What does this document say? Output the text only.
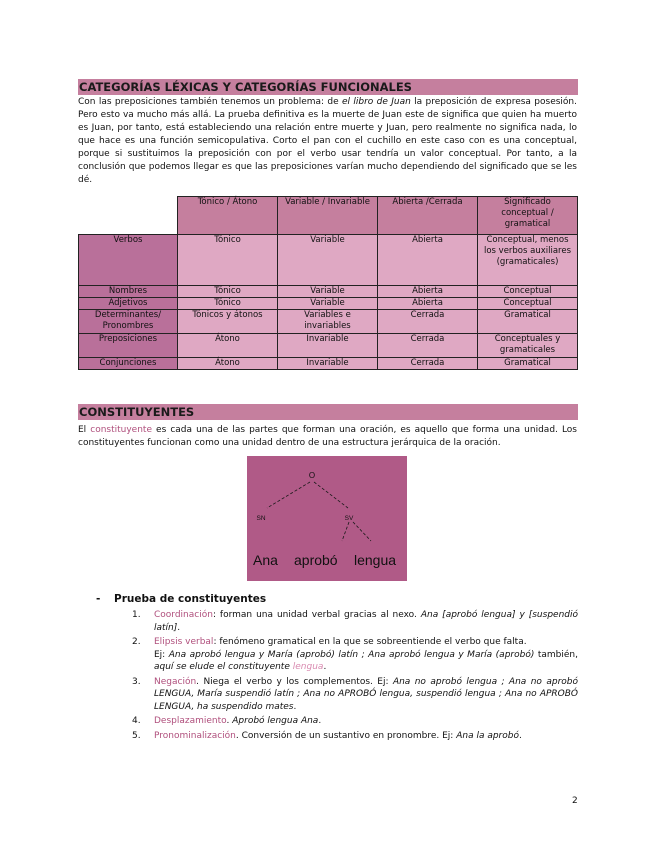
CATEGORÍAS LÉXICAS Y CATEGORÍAS FUNCIONALES

Con las preposiciones también tenemos un problema: de el libro de Juan la preposición de expresa posesión. Pero esto va mucho más allá. La prueba definitiva es la muerte de Juan este de significa que quien ha muerto es Juan, por tanto, está estableciendo una relación entre muerte y Juan, pero realmente no significa nada, lo que hace es una función semicopulativa. Corto el pan con el cuchillo en este caso con es una conceptual, porque si sustituimos la preposición con por el verbo usar tendría un valor conceptual. Por tanto, a la conclusión que podemos llegar es que las preposiciones varían mucho dependiendo del significado que se les dé.

	Tónico / Átono	Variable / Invariable	Abierta /Cerrada	Significado conceptual / gramatical
Verbos	Tónico	Variable	Abierta	Conceptual, menos los verbos auxiliares (gramaticales)
Nombres	Tónico	Variable	Abierta	Conceptual
Adjetivos	Tónico	Variable	Abierta	Conceptual
Determinantes/ Pronombres	Tónicos y átonos	Variables e invariables	Cerrada	Gramatical
Preposiciones	Átono	Invariable	Cerrada	Conceptuales y gramaticales
Conjunciones	Átono	Invariable	Cerrada	Gramatical
CONSTITUYENTES

El constituyente es cada una de las partes que forman una oración, es aquello que forma una unidad. Los constituyentes funcionan como una unidad dentro de una estructura jerárquica de la oración.

O
SN	SV
Ana aprobó lengua
- Prueba de constituyentes
1. Coordinación: forman una unidad verbal gracias al nexo. Ana [aprobó lengua] y [suspendió latín].
2. Elipsis verbal: fenómeno gramatical en la que se sobreentiende el verbo que falta.
Ej: Ana aprobó lengua y María (aprobó) latín ; Ana aprobó lengua y María (aprobó) también, aquí se elude el constituyente lengua.
3. Negación. Niega el verbo y los complementos. Ej: Ana no aprobó lengua ; Ana no aprobó LENGUA, María suspendió latín ; Ana no APROBÓ lengua, suspendió lengua ; Ana no APROBÓ LENGUA, ha suspendido mates.
4. Desplazamiento. Aprobó lengua Ana.
5. Pronominalización. Conversión de un sustantivo en pronombre. Ej: Ana la aprobó.
2
